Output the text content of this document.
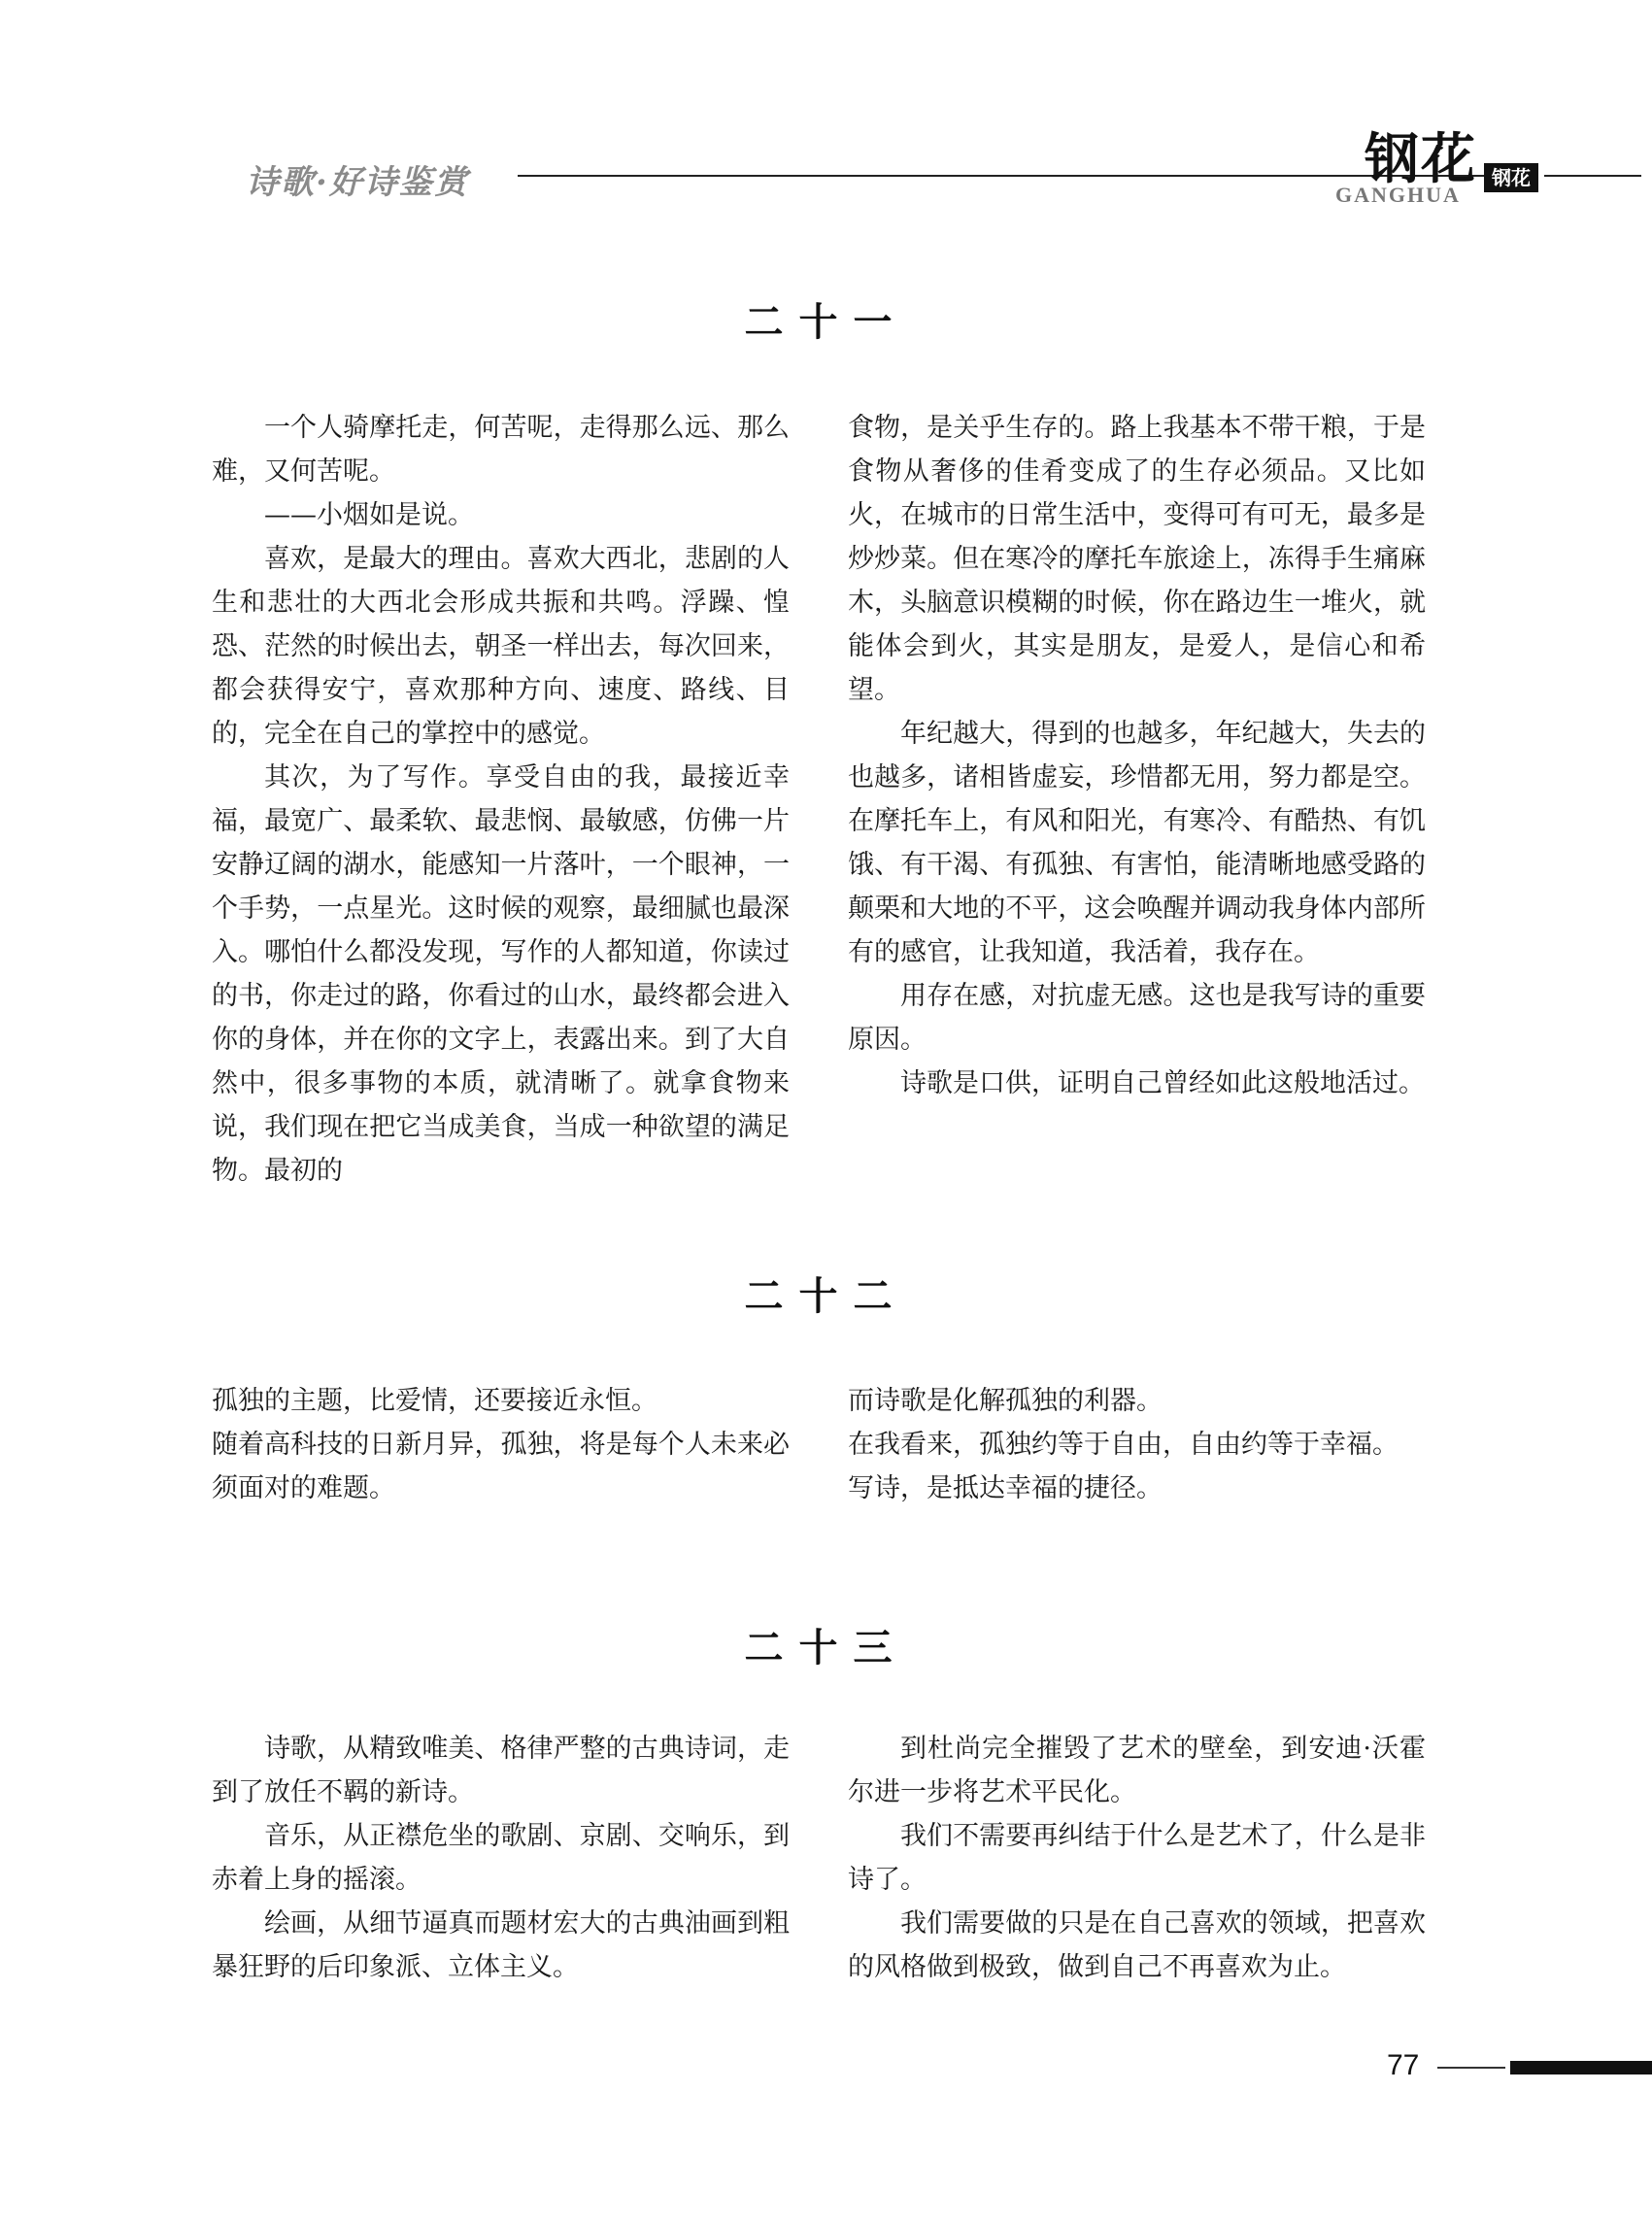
诗歌·好诗鉴赏	钢花
GANGHUA
钢花
二十一

一个人骑摩托走，何苦呢，走得那么远、那么难，又何苦呢。

——小烟如是说。

喜欢，是最大的理由。喜欢大西北，悲剧的人生和悲壮的大西北会形成共振和共鸣。浮躁、惶恐、茫然的时候出去，朝圣一样出去，每次回来，都会获得安宁，喜欢那种方向、速度、路线、目的，完全在自己的掌控中的感觉。

其次，为了写作。享受自由的我，最接近幸福，最宽广、最柔软、最悲悯、最敏感，仿佛一片安静辽阔的湖水，能感知一片落叶，一个眼神，一个手势，一点星光。这时候的观察，最细腻也最深入。哪怕什么都没发现，写作的人都知道，你读过的书，你走过的路，你看过的山水，最终都会进入你的身体，并在你的文字上，表露出来。到了大自然中，很多事物的本质，就清晰了。就拿食物来说，我们现在把它当成美食，当成一种欲望的满足物。最初的

食物，是关乎生存的。路上我基本不带干粮，于是食物从奢侈的佳肴变成了的生存必须品。又比如火，在城市的日常生活中，变得可有可无，最多是炒炒菜。但在寒冷的摩托车旅途上，冻得手生痛麻木，头脑意识模糊的时候，你在路边生一堆火，就能体会到火，其实是朋友，是爱人，是信心和希望。

年纪越大，得到的也越多，年纪越大，失去的也越多，诸相皆虚妄，珍惜都无用，努力都是空。在摩托车上，有风和阳光，有寒冷、有酷热、有饥饿、有干渴、有孤独、有害怕，能清晰地感受路的颠栗和大地的不平，这会唤醒并调动我身体内部所有的感官，让我知道，我活着，我存在。

用存在感，对抗虚无感。这也是我写诗的重要原因。

诗歌是口供，证明自己曾经如此这般地活过。

二十二

孤独的主题，比爱情，还要接近永恒。

随着高科技的日新月异，孤独，将是每个人未来必须面对的难题。

而诗歌是化解孤独的利器。

在我看来，孤独约等于自由，自由约等于幸福。

写诗，是抵达幸福的捷径。

二十三

诗歌，从精致唯美、格律严整的古典诗词，走到了放任不羁的新诗。

音乐，从正襟危坐的歌剧、京剧、交响乐，到赤着上身的摇滚。

绘画，从细节逼真而题材宏大的古典油画到粗暴狂野的后印象派、立体主义。

到杜尚完全摧毁了艺术的壁垒，到安迪·沃霍尔进一步将艺术平民化。

我们不需要再纠结于什么是艺术了，什么是非诗了。

我们需要做的只是在自己喜欢的领域，把喜欢的风格做到极致，做到自己不再喜欢为止。

77
